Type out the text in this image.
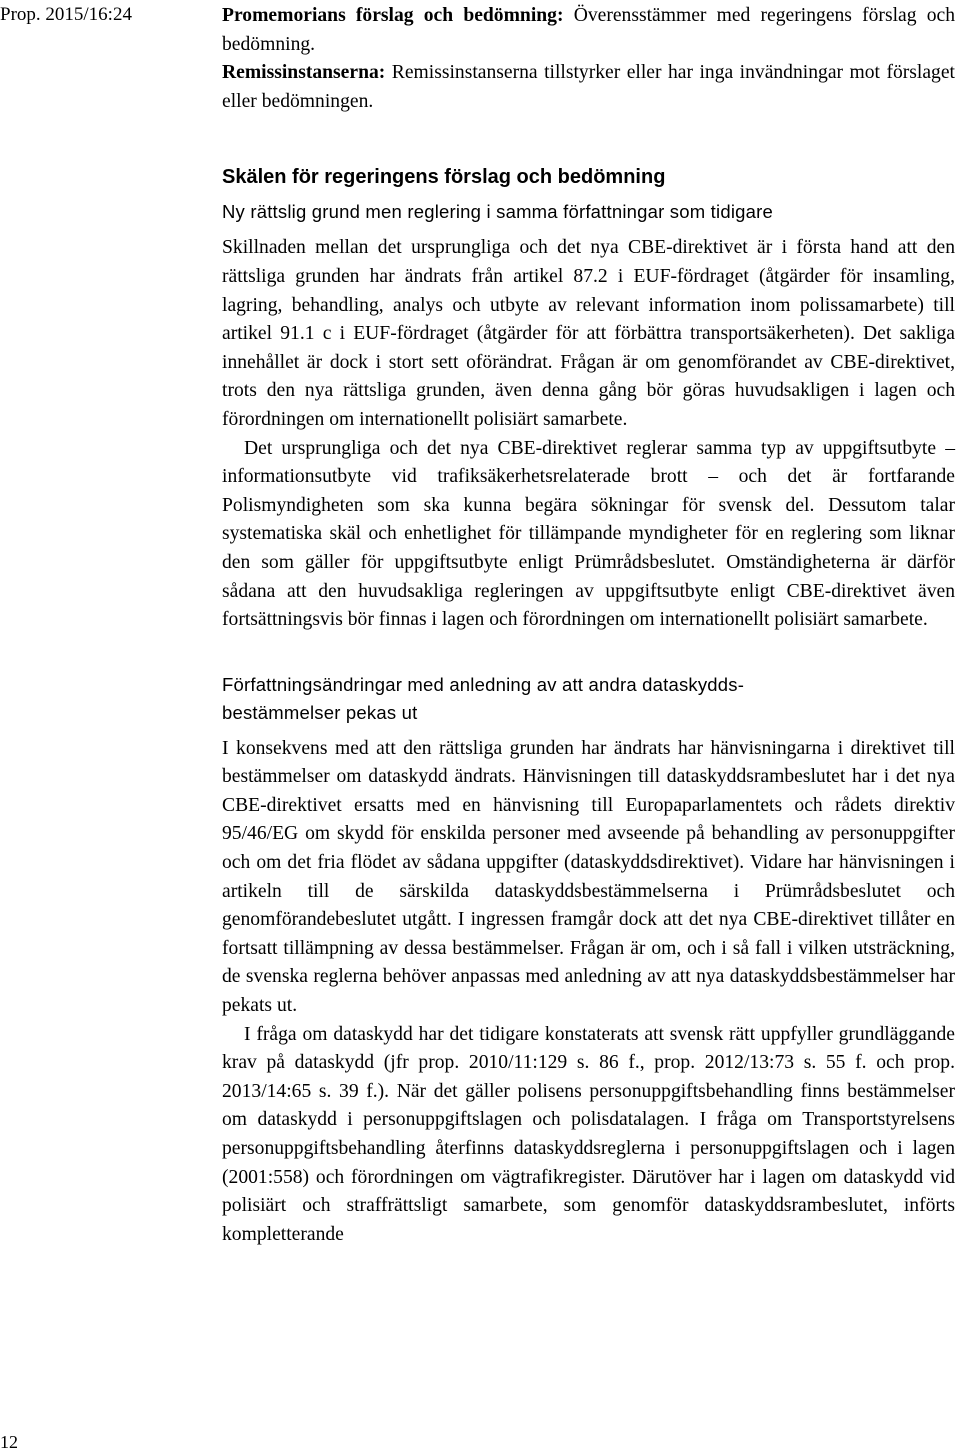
Prop. 2015/16:24	Promemorians förslag och bedömning: Överensstämmer med regeringens förslag och bedömning.

Remissinstanserna: Remissinstanserna tillstyrker eller har inga invändningar mot förslaget eller bedömningen.

Skälen för regeringens förslag och bedömning
Ny rättslig grund men reglering i samma författningar som tidigare

Skillnaden mellan det ursprungliga och det nya CBE-direktivet är i första hand att den rättsliga grunden har ändrats från artikel 87.2 i EUF-fördraget (åtgärder för insamling, lagring, behandling, analys och utbyte av relevant information inom polissamarbete) till artikel 91.1 c i EUF-fördraget (åtgärder för att förbättra transportsäkerheten). Det sakliga innehållet är dock i stort sett oförändrat. Frågan är om genomförandet av CBE-direktivet, trots den nya rättsliga grunden, även denna gång bör göras huvudsakligen i lagen och förordningen om internationellt polisiärt samarbete.

Det ursprungliga och det nya CBE-direktivet reglerar samma typ av uppgiftsutbyte – informationsutbyte vid trafiksäkerhetsrelaterade brott – och det är fortfarande Polismyndigheten som ska kunna begära sökningar för svensk del. Dessutom talar systematiska skäl och enhetlighet för tillämpande myndigheter för en reglering som liknar den som gäller för uppgiftsutbyte enligt Prümrådsbeslutet. Omständigheterna är därför sådana att den huvudsakliga regleringen av uppgiftsutbyte enligt CBE-direktivet även fortsättningsvis bör finnas i lagen och förordningen om internationellt polisiärt samarbete.

Författningsändringar med anledning av att andra dataskydds-bestämmelser pekas ut

I konsekvens med att den rättsliga grunden har ändrats har hänvisningarna i direktivet till bestämmelser om dataskydd ändrats. Hänvisningen till dataskyddsrambeslutet har i det nya CBE-direktivet ersatts med en hänvisning till Europaparlamentets och rådets direktiv 95/46/EG om skydd för enskilda personer med avseende på behandling av personuppgifter och om det fria flödet av sådana uppgifter (dataskyddsdirektivet). Vidare har hänvisningen i artikeln till de särskilda dataskyddsbestämmelserna i Prümrådsbeslutet och genomförandebeslutet utgått. I ingressen framgår dock att det nya CBE-direktivet tillåter en fortsatt tillämpning av dessa bestämmelser. Frågan är om, och i så fall i vilken utsträckning, de svenska reglerna behöver anpassas med anledning av att nya dataskyddsbestämmelser har pekats ut.

I fråga om dataskydd har det tidigare konstaterats att svensk rätt uppfyller grundläggande krav på dataskydd (jfr prop. 2010/11:129 s. 86 f., prop. 2012/13:73 s. 55 f. och prop. 2013/14:65 s. 39 f.). När det gäller polisens personuppgiftsbehandling finns bestämmelser om dataskydd i personuppgiftslagen och polisdatalagen. I fråga om Transportstyrelsens personuppgiftsbehandling återfinns dataskyddsreglerna i personuppgiftslagen och i lagen (2001:558) och förordningen om vägtrafikregister. Därutöver har i lagen om dataskydd vid polisiärt och straffrättsligt samarbete, som genomför dataskyddsrambeslutet, införts kompletterande

12
